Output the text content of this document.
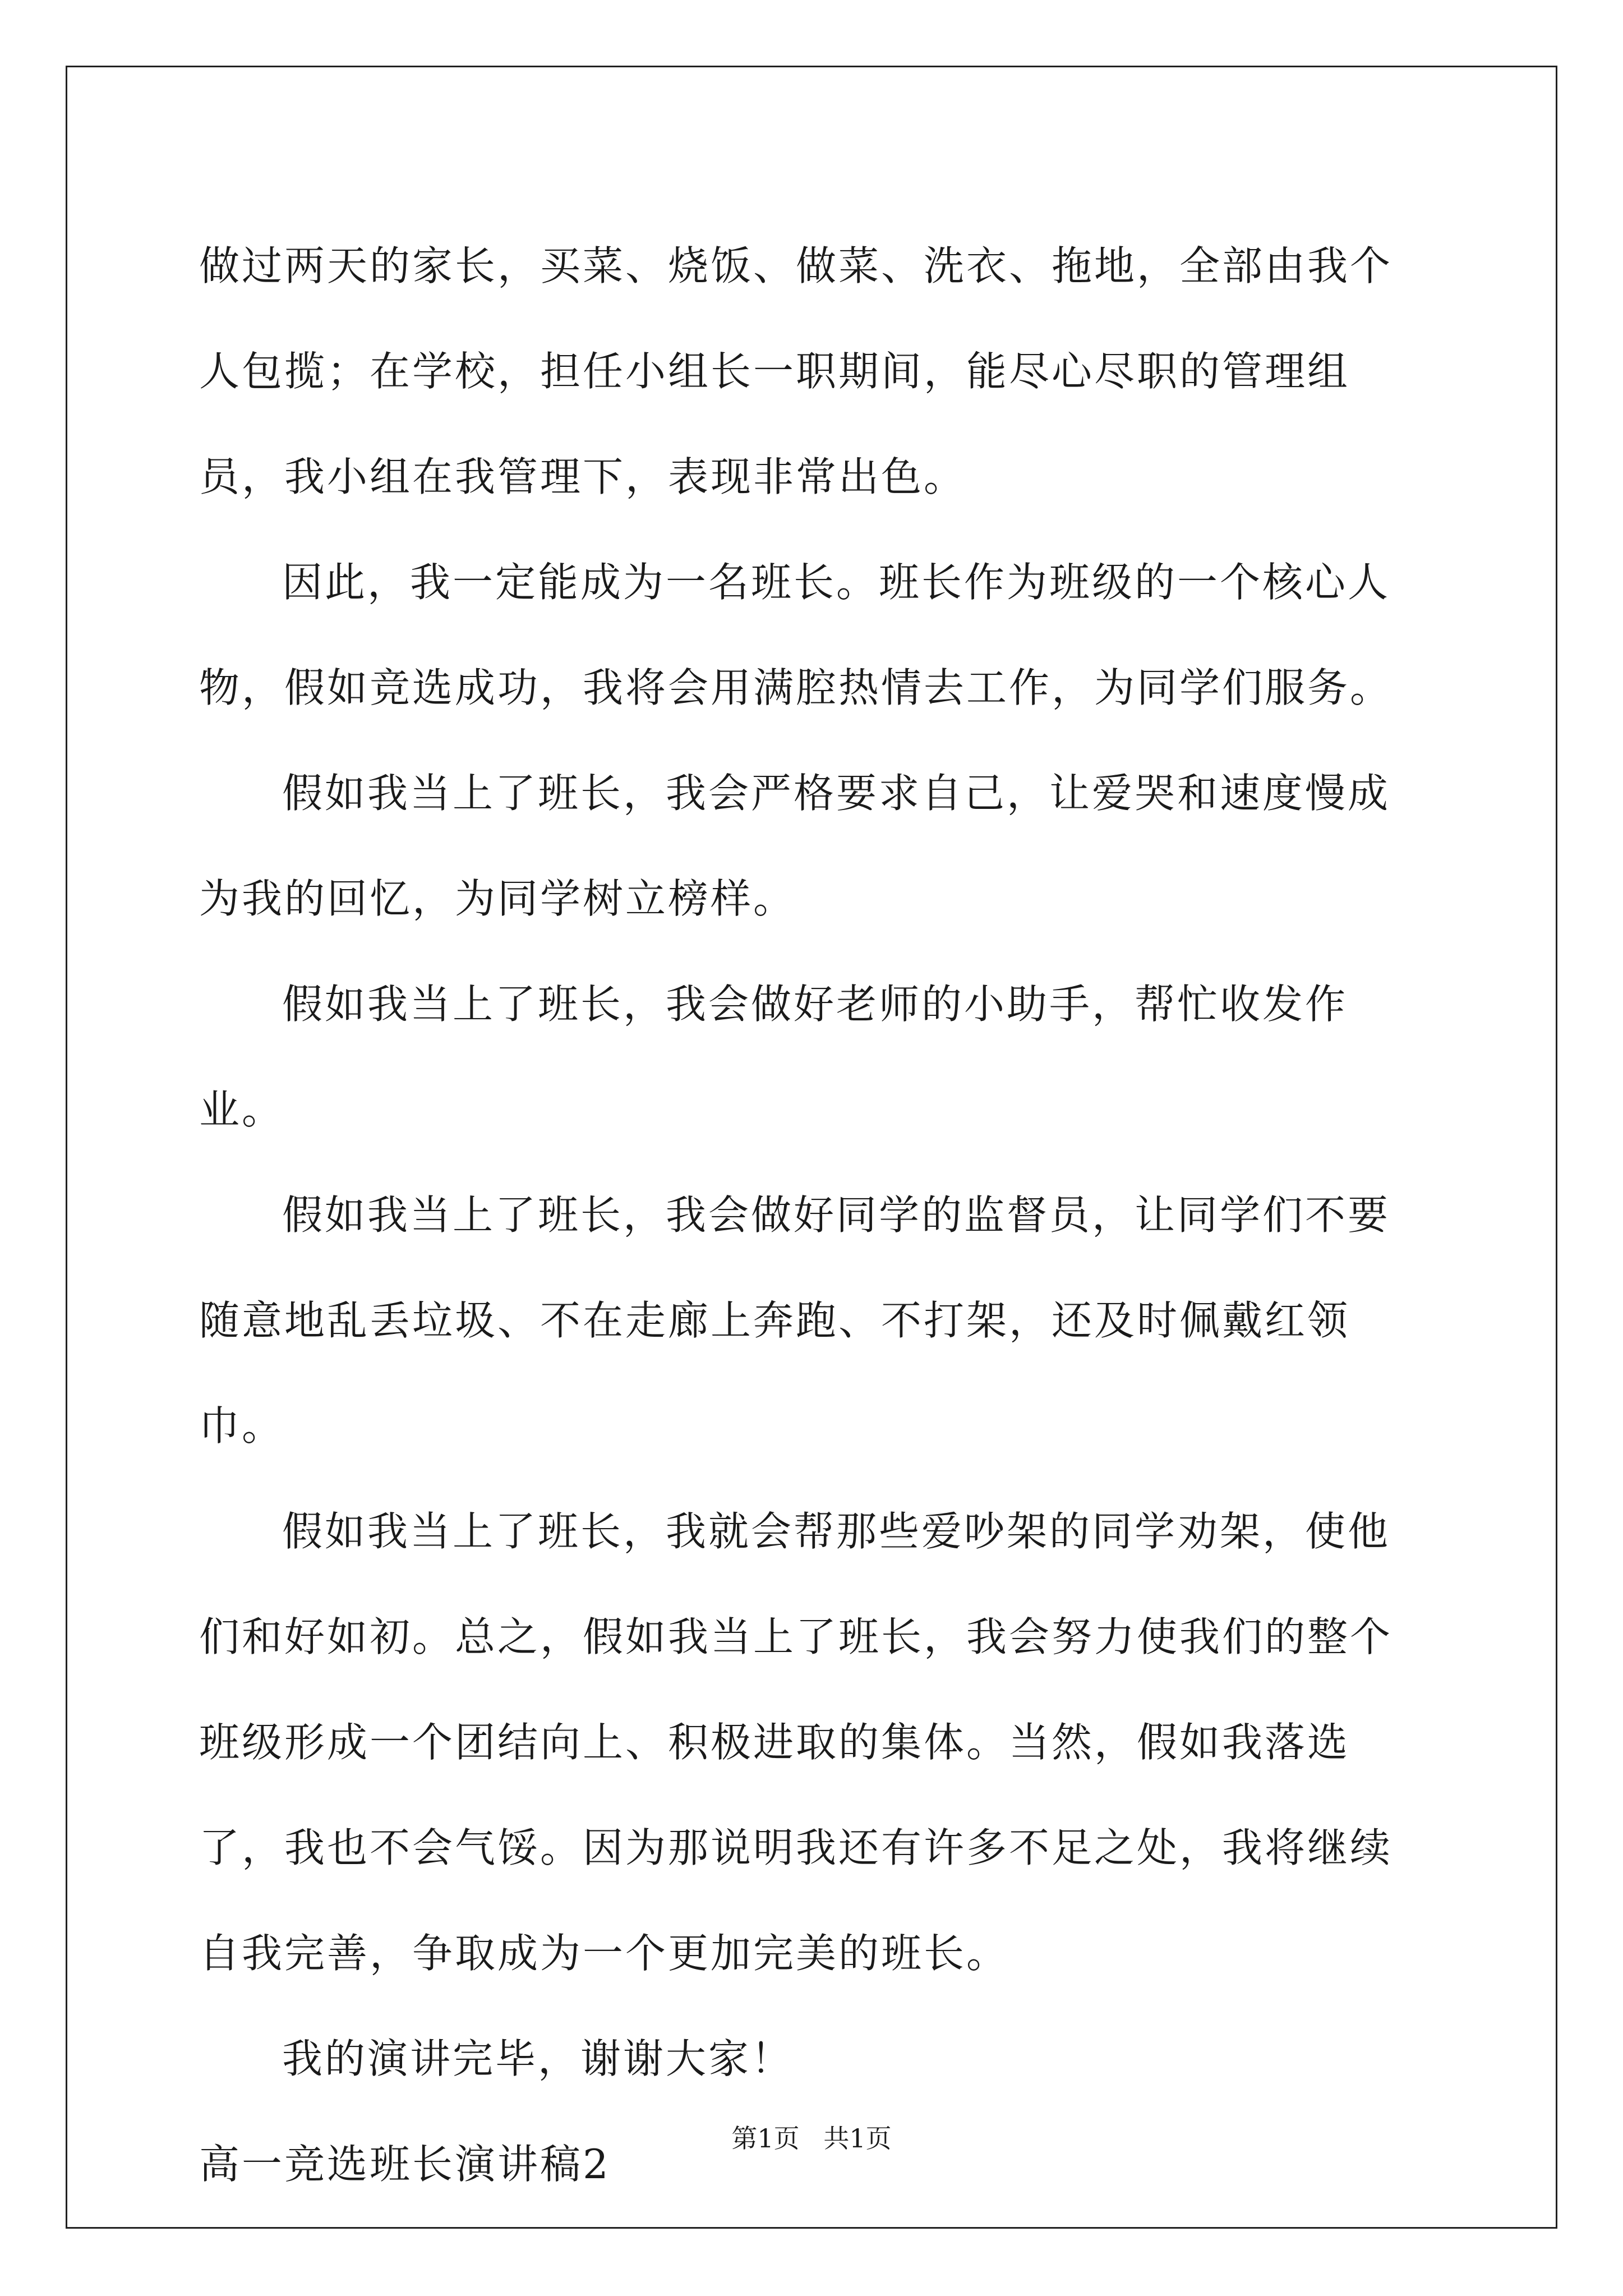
做过两天的家长，买菜、烧饭、做菜、洗衣、拖地，全部由我个人包揽；在学校，担任小组长一职期间，能尽心尽职的管理组员，我小组在我管理下，表现非常出色。

因此，我一定能成为一名班长。班长作为班级的一个核心人物，假如竞选成功，我将会用满腔热情去工作，为同学们服务。

假如我当上了班长，我会严格要求自己，让爱哭和速度慢成为我的回忆，为同学树立榜样。

假如我当上了班长，我会做好老师的小助手，帮忙收发作业。

假如我当上了班长，我会做好同学的监督员，让同学们不要随意地乱丢垃圾、不在走廊上奔跑、不打架，还及时佩戴红领巾。

假如我当上了班长，我就会帮那些爱吵架的同学劝架，使他们和好如初。总之，假如我当上了班长，我会努力使我们的整个班级形成一个团结向上、积极进取的集体。当然，假如我落选了，我也不会气馁。因为那说明我还有许多不足之处，我将继续自我完善，争取成为一个更加完美的班长。

我的演讲完毕，谢谢大家！

高一竞选班长演讲稿2

第1页 共1页
